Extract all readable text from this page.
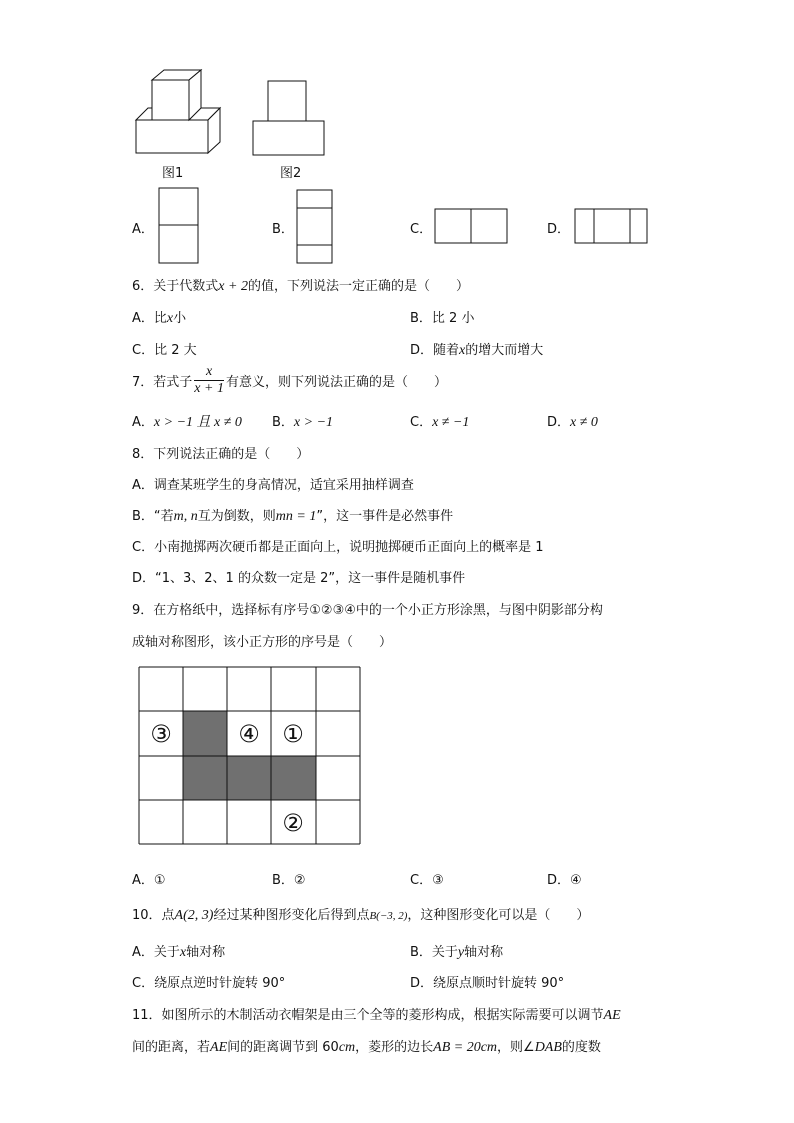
图1	图2
A．	B．	C．	D．
6．关于代数式x + 2的值，下列说法一定正确的是（　　）
A．比x小	B．比 2 小
C．比 2 大	D．随着x的增大而增大
7．若式子 $\frac{x}{x + 1}$ 有意义，则下列说法正确的是（　　）
A．x > −1 且 x ≠ 0 B．x > −1	C．x ≠ −1	D．x ≠ 0
8．下列说法正确的是（　　）
A．调查某班学生的身高情况，适宜采用抽样调查
B．“若m, n互为倒数，则mn = 1”，这一事件是必然事件
C．小南抛掷两次硬币都是正面向上，说明抛掷硬币正面向上的概率是 1
D．“1、3、2、1 的众数一定是 2”，这一事件是随机事件
9．在方格纸中，选择标有序号①②③④中的一个小正方形涂黑，与图中阴影部分构
成轴对称图形，该小正方形的序号是（　　）
③	④ ①
②
A．①	B．②	C．③	D．④
10．点A(2, 3)经过某种图形变化后得到点B(−3, 2)，这种图形变化可以是（　　）
A．关于x轴对称	B．关于y轴对称
C．绕原点逆时针旋转 90°	D．绕原点顺时针旋转 90°
11．如图所示的木制活动衣帽架是由三个全等的菱形构成，根据实际需要可以调节AE
间的距离，若AE间的距离调节到 60cm，菱形的边长AB = 20cm，则∠DAB的度数
